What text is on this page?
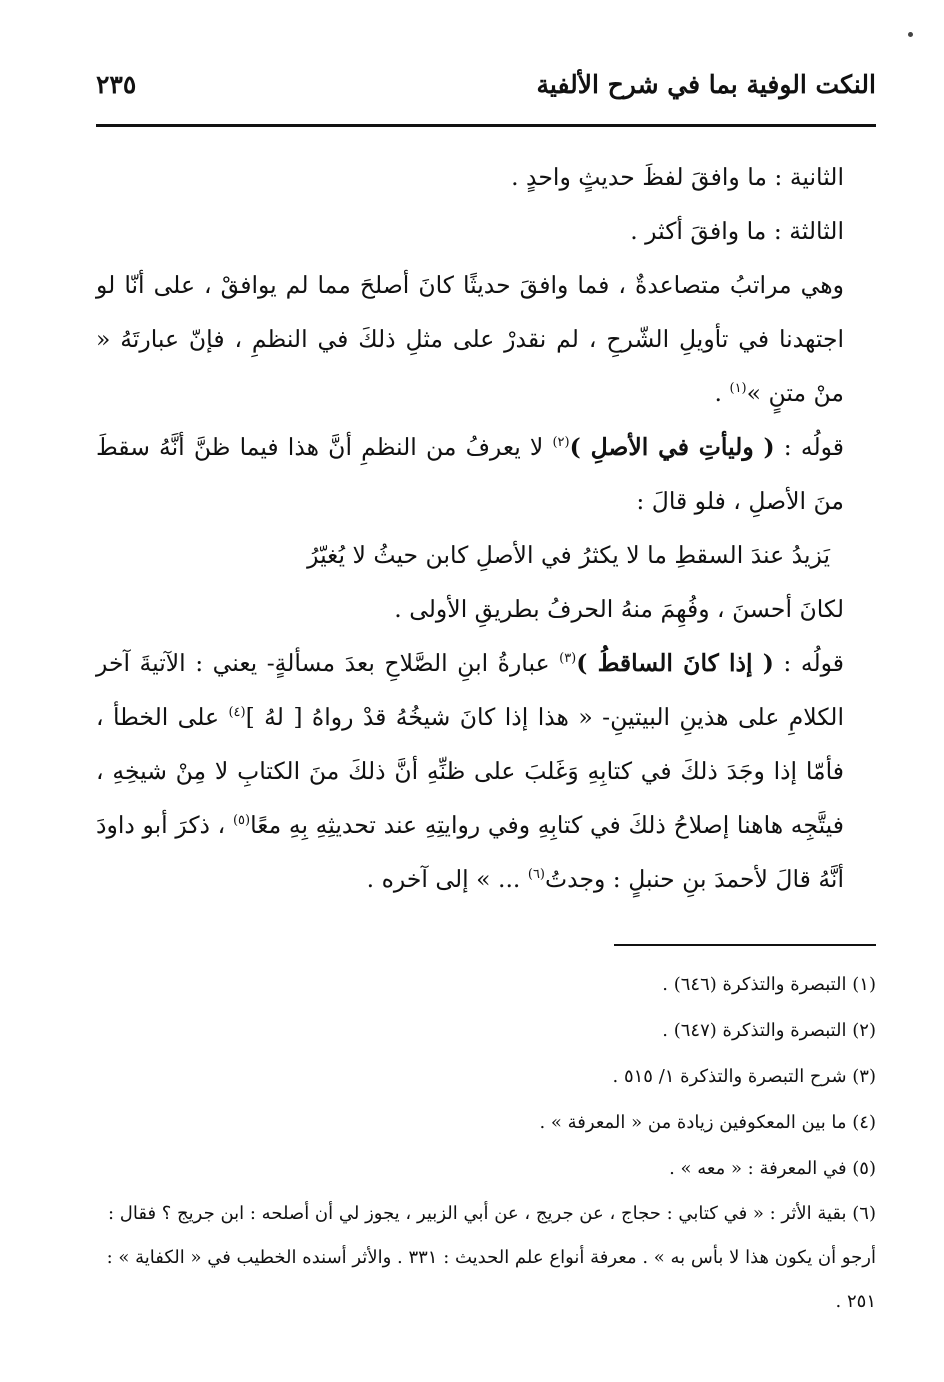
النكت الوفية بما في شرح الألفية
٢٣٥

الثانية : ما وافقَ لفظَ حديثٍ واحدٍ .

الثالثة : ما وافقَ أكثر .

وهي مراتبُ متصاعدةٌ ، فما وافقَ حديثًا كانَ أصلحَ مما لم يوافقْ ، على أنّا لو اجتهدنا في تأويلِ الشّرحِ ، لم نقدرْ على مثلِ ذلكَ في النظمِ ، فإنّ عبارتَهُ « منْ متنٍ »$^{(١)}$ .

قولُه : ( وليأتِ في الأصلِ )$^{(٢)}$ لا يعرفُ من النظمِ أنَّ هذا فيما ظنَّ أنَّهُ سقطَ منَ الأصلِ ، فلو قالَ :

يَزيدُ عندَ السقطِ ما لا يكثرُ في الأصلِ كابن حيثُ لا يُغيّرُ

لكانَ أحسنَ ، وفُهِمَ منهُ الحرفُ بطريقِ الأولى .

قولُه : ( إذا كانَ الساقطُ )$^{(٣)}$ عبارةُ ابنِ الصَّلاحِ بعدَ مسألةٍ- يعني : الآتيةَ آخر الكلامِ على هذينِ البيتينِ- « هذا إذا كانَ شيخُهُ قدْ رواهُ [ لهُ ]$^{(٤)}$ على الخطأ ، فأمّا إذا وجَدَ ذلكَ في كتابِهِ وَغَلبَ على ظنِّهِ أنَّ ذلكَ منَ الكتابِ لا مِنْ شيخِهِ ، فيتَّجِه هاهنا إصلاحُ ذلكَ في كتابِهِ وفي روايتِهِ عند تحديثِهِ بِهِ معًا$^{(٥)}$ ، ذكرَ أبو داودَ أنَّهُ قالَ لأحمدَ بنِ حنبلٍ : وجدتُ$^{(٦)}$ ... » إلى آخره .

(١) التبصرة والتذكرة (٦٤٦) .
(٢) التبصرة والتذكرة (٦٤٧) .
(٣) شرح التبصرة والتذكرة ١/ ٥١٥ .
(٤) ما بين المعكوفين زيادة من « المعرفة » .
(٥) في المعرفة : « معه » .
(٦) بقية الأثر : « في كتابي : حجاج ، عن جريج ، عن أبي الزبير ، يجوز لي أن أصلحه : ابن جريج ؟ فقال : أرجو أن يكون هذا لا بأس به » . معرفة أنواع علم الحديث : ٣٣١ . والأثر أسنده الخطيب في « الكفاية » : ٢٥١ .
